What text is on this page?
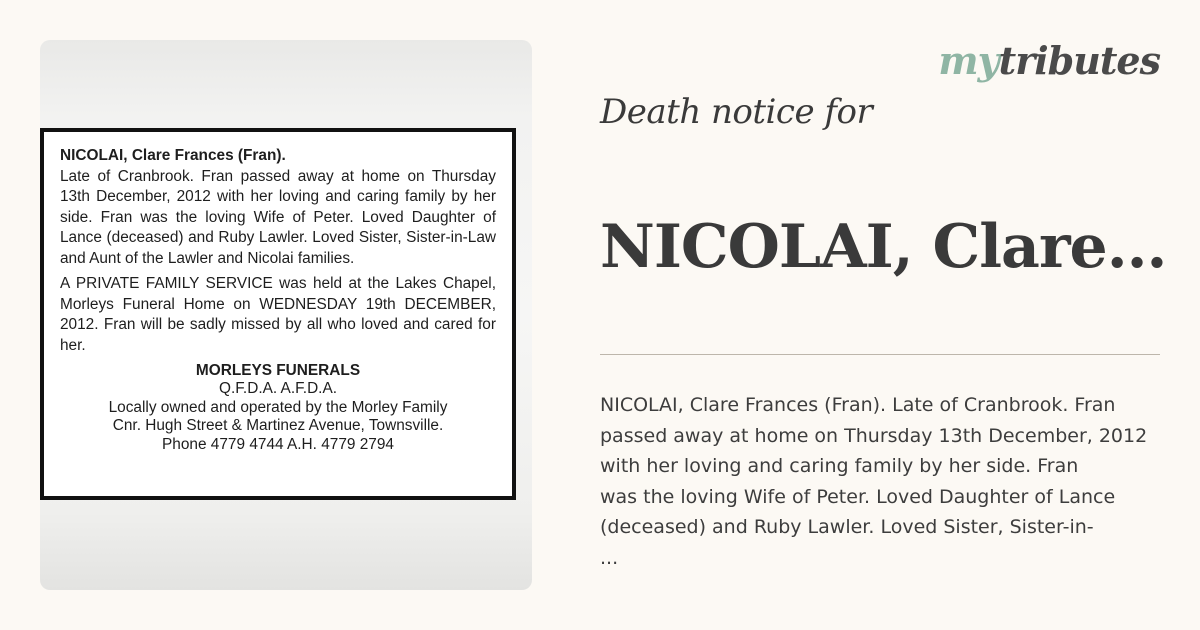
NICOLAI, Clare Frances (Fran).
Late of Cranbrook. Fran passed away at home on Thursday 13th December, 2012 with her loving and caring family by her side. Fran was the loving Wife of Peter. Loved Daughter of Lance (deceased) and Ruby Lawler. Loved Sister, Sister-in-Law and Aunt of the Lawler and Nicolai families.
A PRIVATE FAMILY SERVICE was held at the Lakes Chapel, Morleys Funeral Home on WEDNESDAY 19th DECEMBER, 2012. Fran will be sadly missed by all who loved and cared for her.
MORLEYS FUNERALS
Q.F.D.A. A.F.D.A.
Locally owned and operated by the Morley Family
Cnr. Hugh Street & Martinez Avenue, Townsville.
Phone 4779 4744 A.H. 4779 2794
mytributes
Death notice for
NICOLAI, Clare...
NICOLAI, Clare Frances (Fran). Late of Cranbrook. Fran
passed away at home on Thursday 13th December, 2012
with her loving and caring family by her side. Fran
was the loving Wife of Peter. Loved Daughter of Lance
(deceased) and Ruby Lawler. Loved Sister, Sister-in-
...
